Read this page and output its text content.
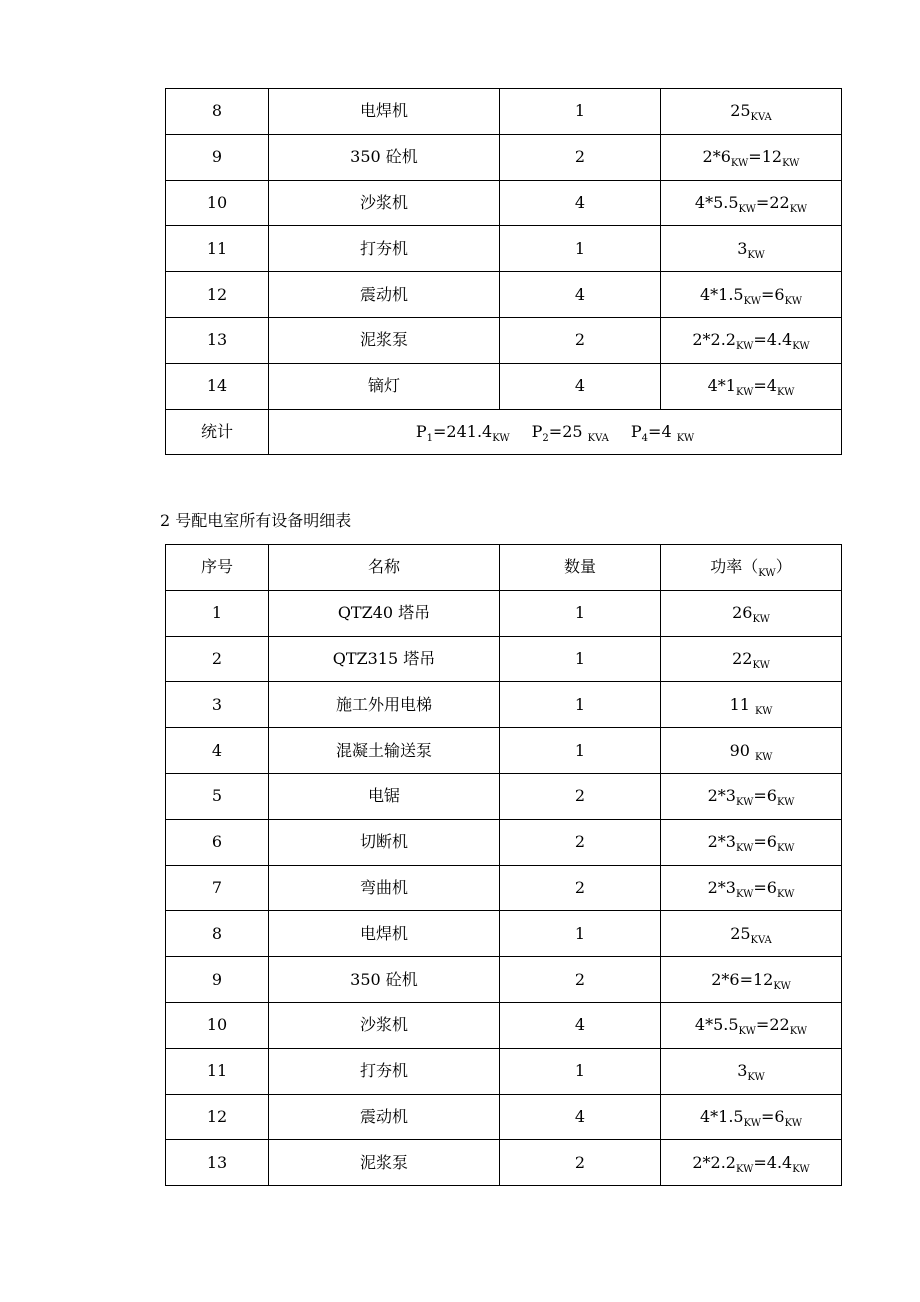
8	电焊机	1	$25_{KVA}$
9	350 砼机	2	$2*6_{KW}=12_{KW}$
10	沙浆机	4	$4*5.5_{KW}=22_{KW}$
11	打夯机	1	$3_{KW}$
12	震动机	4	$4*1.5_{KW}=6_{KW}$
13	泥浆泵	2	$2*2.2_{KW}=4.4_{KW}$
14	镝灯	4	$4*1_{KW}=4_{KW}$
统计	$P_1=241.4_{KW}$ $P_2=25$ $_{KVA}$ $P_4=4$ $_{KW}$
2 号配电室所有设备明细表
序号	名称	数量	功率$(_{KW})$
1	QTZ40 塔吊	1	$26_{KW}$
2	QTZ315 塔吊	1	$22_{KW}$
3	施工外用电梯	1	11 $_{KW}$
4	混凝土输送泵	1	90 $_{KW}$
5	电锯	2	$2*3_{KW}=6_{KW}$
6	切断机	2	$2*3_{KW}=6_{KW}$
7	弯曲机	2	$2*3_{KW}=6_{KW}$
8	电焊机	1	$25_{KVA}$
9	350 砼机	2	$2*6=12_{KW}$
10	沙浆机	4	$4*5.5_{KW}=22_{KW}$
11	打夯机	1	$3_{KW}$
12	震动机	4	$4*1.5_{KW}=6_{KW}$
13	泥浆泵	2	$2*2.2_{KW}=4.4_{KW}$
